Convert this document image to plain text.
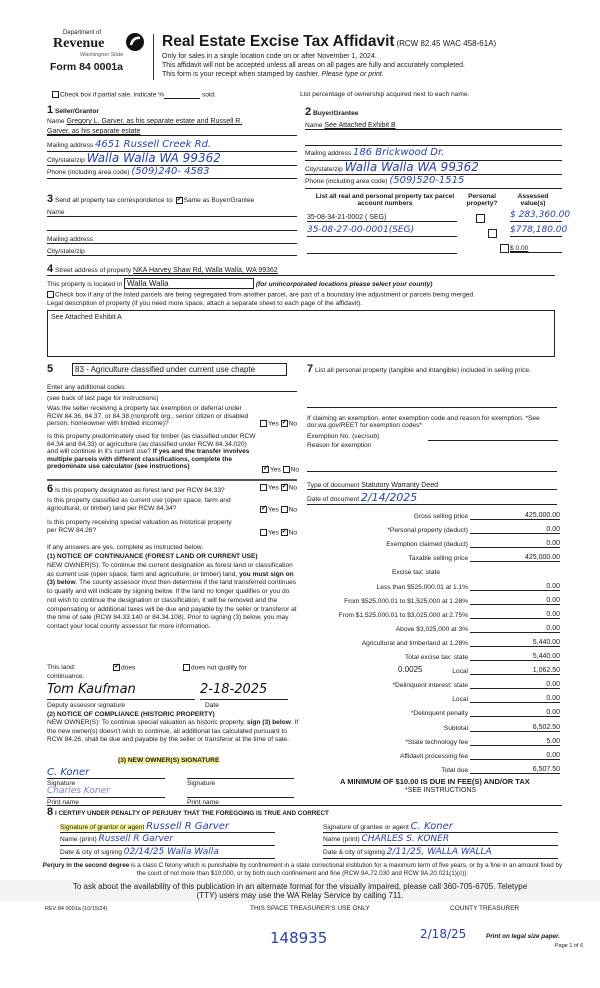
Department of
Revenue
Washington State
Form 84 0001a
Real Estate Excise Tax Affidavit (RCW 82.45 WAC 458-61A)
Only for sales in a single location code on or after November 1, 2024.
This affidavit will not be accepted unless all areas on all pages are fully and accurately completed.
This form is your receipt when stamped by cashier. Please type or print.
Check box if partial sale, indicate %	sold.	List percentage of ownership acquired next to each name.
1 Seller/Grantor
Name Gregory L. Garver, as his separate estate and Russell R.
Garver, as his separate estate
Mailing address 4651 Russell Creek Rd.
City/state/zip Walla Walla WA 99362
Phone (including area code) (509)240- 4583
2 Buyer/Grantee
Name See Attached Exhibit B
Mailing address 186 Brickwood Dr.
City/state/zip Walla Walla WA 99362
Phone (including area code) (509)520-1515
3 Send all property tax correspondence to: ✓ Same as Buyer/Grantee
Name
Mailing address
City/state/zip
List all real and personal property tax parcel account numbers
Personal property?
Assessed value(s)
35-08-34-21-0002 ( SEG)
	$ 283,360.00
35-08-27-00-0001(SEG)
	$778,180.00
$ 0.00
4 Street address of property NKA Harvey Shaw Rd, Walla Walla, WA 99362
This property is located in Walla Walla	(for unincorporated locations please select your county)
Check box if any of the listed parcels are being segregated from another parcel, are part of a boundary line adjustment or parcels being merged.
Legal description of property (if you need more space, attach a separate sheet to each page of the affidavit).
See Attached Exhibit A
5	83 - Agriculture classified under current use chapte
Enter any additional codes
(see back of last page for instructions)
Was the seller receiving a property tax exemption or deferral under RCW 84.36, 84.37, or 84.38 (nonprofit org., senior citizen or disabled person, homeowner with limited income)?	Yes ✓ No
Is this property predominately used for timber (as classified under RCW 84.34 and 84.33) or agriculture (as classified under RCW 84.34.020) and will continue in it's current use? If yes and the transfer involves multiple parcels with different classifications, complete the predominate use calculator (see instructions) ✓	Yes No
6 Is this property designated as forest land per RCW 84.33?	Yes ✓ No
Is this property classified as current use (open space, farm and agricultural, or timber) land per RCW 84.34? ✓	Yes No
Is this property receiving special valuation as historical property per RCW 84.26?	Yes ✓ No
If any answers are yes, complete as instructed below.
(1) NOTICE OF CONTINUANCE (FOREST LAND OR CURRENT USE)
NEW OWNER(S): To continue the current designation as forest land or classification as current use (open space, farm and agriculture, or timber) land, you must sign on (3) below. The county assessor must then determine if the land transferred continues to qualify and will indicate by signing below. If the land no longer qualifies or you do not wish to continue the designation or classification, it will be removed and the compensating or additional taxes will be due and payable by the seller or transferor at the time of sale (RCW 84.33.140 or 84.34.108). Prior to signing (3) below, you may contact your local county assessor for more information.
This land: ✓	does	does not qualify for
continuance.
Tom Kaufman	2-18-2025
Deputy assessor signature	Date
(2) NOTICE OF COMPLIANCE (HISTORIC PROPERTY)
NEW OWNER(S): To continue special valuation as historic property, sign (3) below. If the new owner(s) doesn't wish to continue, all additional tax calculated pursuant to RCW 84.26, shall be due and payable by the seller or transferor at the time of sale.
(3) NEW OWNER(S) SIGNATURE
C. Koner
Signature	Signature
Charles Koner
Print name	Print name
7 List all personal property (tangible and intangible) included in selling price.
If claiming an exemption, enter exemption code and reason for exemption. *See dor.wa.gov/REET for exemption codes*
Exemption No. (sec/sub)
Reason for exemption
Type of document Statutory Warranty Deed
Date of document 2/14/2025
Gross selling price	425,000.00
*Personal property (deduct)	0.00
Exemption claimed (deduct)	0.00
Taxable selling price	425,000.00
Excise tax: state
Less than $525,000.01 at 1.1%	0.00
From $525,000.01 to $1,525,000 at 1.28%	0.00
From $1,525,000.01 to $3,025,000 at 2.75%	0.00
Above $3,025,000 at 3%	0.00
Agricultural and timberland at 1.28%	5,440.00
Total excise tax: state	5,440.00
Local	1,062.50
*Delinquent interest: state	0.00
Local	0.00
*Delinquent penalty	0.00
Subtotal	6,502.50
*State technology fee	5.00
Affidavit processing fee	0.00
Total due	6,507.50
0.0025
A MINIMUM OF $10.00 IS DUE IN FEE(S) AND/OR TAX
*SEE INSTRUCTIONS
8 I CERTIFY UNDER PENALTY OF PERJURY THAT THE FOREGOING IS TRUE AND CORRECT
Signature of grantor or agent Russell R Garver
Name (print) Russell R Garver
Date & city of signing 02/14/25 Walla Walla
Signature of grantee or agent C. Koner
Name (print) CHARLES S. KONER
Date & city of signing 2/11/25, WALLA WALLA
Perjury in the second degree is a class C felony which is punishable by confinement in a state correctional institution for a maximum term of five years, or by a fine in an amount fixed by the court of not more than $10,000, or by both such confinement and fine (RCW 9A.72.030 and RCW 9A.20.021(1)(c)).
To ask about the availability of this publication in an alternate format for the visually impaired, please call 360-705-6705. Teletype
(TTY) users may use the WA Relay Service by calling 711.
REV 84 0001a (10/15/24)	THIS SPACE TREASURER'S USE ONLY	COUNTY TREASURER
148935	2/18/25	Print on legal size paper.
Page 1 of 6
